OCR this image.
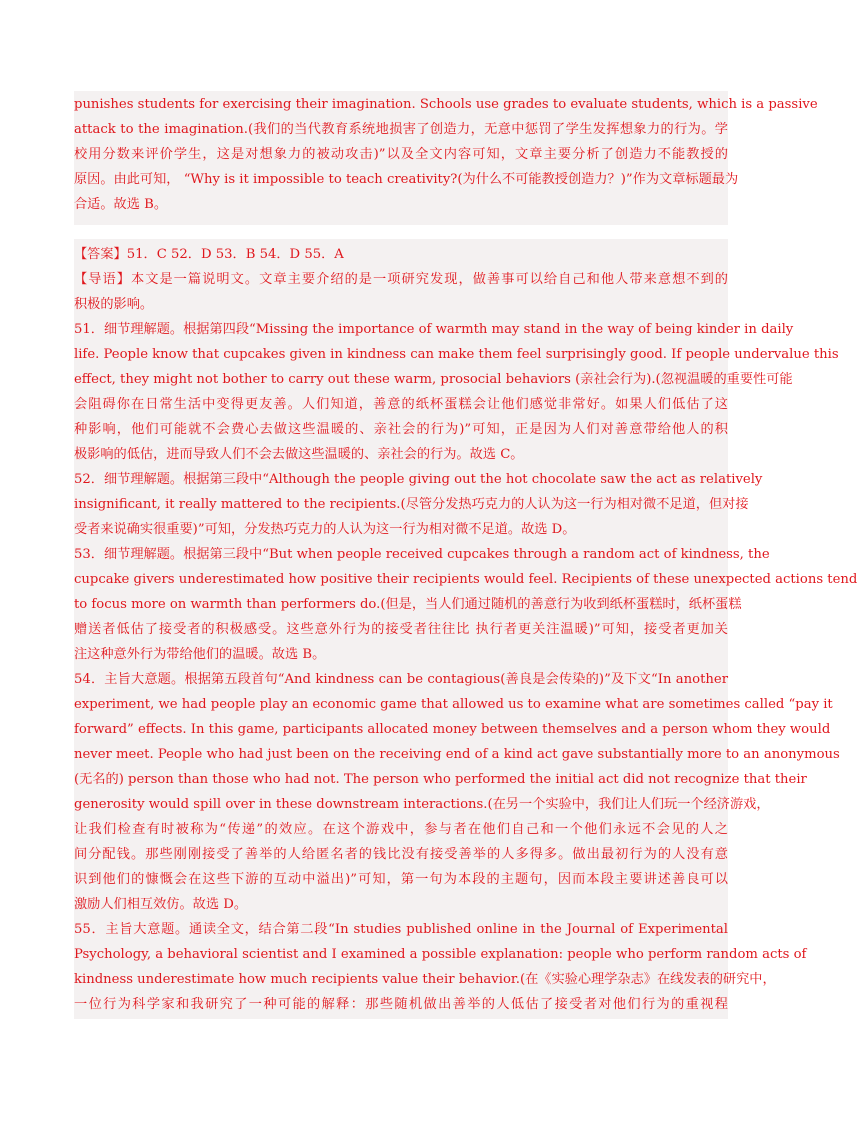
punishes students for exercising their imagination. Schools use grades to evaluate students, which is a passive
attack to the imagination.(我们的当代教育系统地损害了创造力，无意中惩罚了学生发挥想象力的行为。学
校用分数来评价学生，这是对想象力的被动攻击)”以及全文内容可知，文章主要分析了创造力不能教授的
原因。由此可知， “Why is it impossible to teach creativity?(为什么不可能教授创造力？)”作为文章标题最为
合适。故选 B。
【答案】51．C 52．D 53．B 54．D 55．A
【导语】本文是一篇说明文。文章主要介绍的是一项研究发现，做善事可以给自己和他人带来意想不到的
积极的影响。
51．细节理解题。根据第四段“Missing the importance of warmth may stand in the way of being kinder in daily
life. People know that cupcakes given in kindness can make them feel surprisingly good. If people undervalue this
effect, they might not bother to carry out these warm, prosocial behaviors (亲社会行为).(忽视温暖的重要性可能
会阻碍你在日常生活中变得更友善。人们知道，善意的纸杯蛋糕会让他们感觉非常好。如果人们低估了这
种影响，他们可能就不会费心去做这些温暖的、亲社会的行为)”可知，正是因为人们对善意带给他人的积
极影响的低估，进而导致人们不会去做这些温暖的、亲社会的行为。故选 C。
52．细节理解题。根据第三段中“Although the people giving out the hot chocolate saw the act as relatively
insignificant, it really mattered to the recipients.(尽管分发热巧克力的人认为这一行为相对微不足道，但对接
受者来说确实很重要)”可知，分发热巧克力的人认为这一行为相对微不足道。故选 D。
53．细节理解题。根据第三段中“But when people received cupcakes through a random act of kindness, the
cupcake givers underestimated how positive their recipients would feel. Recipients of these unexpected actions tend
to focus more on warmth than performers do.(但是，当人们通过随机的善意行为收到纸杯蛋糕时，纸杯蛋糕
赠送者低估了接受者的积极感受。这些意外行为的接受者往往比 执行者更关注温暖)”可知，接受者更加关
注这种意外行为带给他们的温暖。故选 B。
54．主旨大意题。根据第五段首句“And kindness can be contagious(善良是会传染的)”及下文“In another
experiment, we had people play an economic game that allowed us to examine what are sometimes called “pay it
forward” effects. In this game, participants allocated money between themselves and a person whom they would
never meet. People who had just been on the receiving end of a kind act gave substantially more to an anonymous
(无名的) person than those who had not. The person who performed the initial act did not recognize that their
generosity would spill over in these downstream interactions.(在另一个实验中，我们让人们玩一个经济游戏，
让我们检查有时被称为“传递”的效应。在这个游戏中，参与者在他们自己和一个他们永远不会见的人之
间分配钱。那些刚刚接受了善举的人给匿名者的钱比没有接受善举的人多得多。做出最初行为的人没有意
识到他们的慷慨会在这些下游的互动中溢出)”可知，第一句为本段的主题句，因而本段主要讲述善良可以
激励人们相互效仿。故选 D。
55．主旨大意题。通读全文，结合第二段“In studies published online in the Journal of Experimental
Psychology, a behavioral scientist and I examined a possible explanation: people who perform random acts of
kindness underestimate how much recipients value their behavior.(在《实验心理学杂志》在线发表的研究中，
一位行为科学家和我研究了一种可能的解释：那些随机做出善举的人低估了接受者对他们行为的重视程
